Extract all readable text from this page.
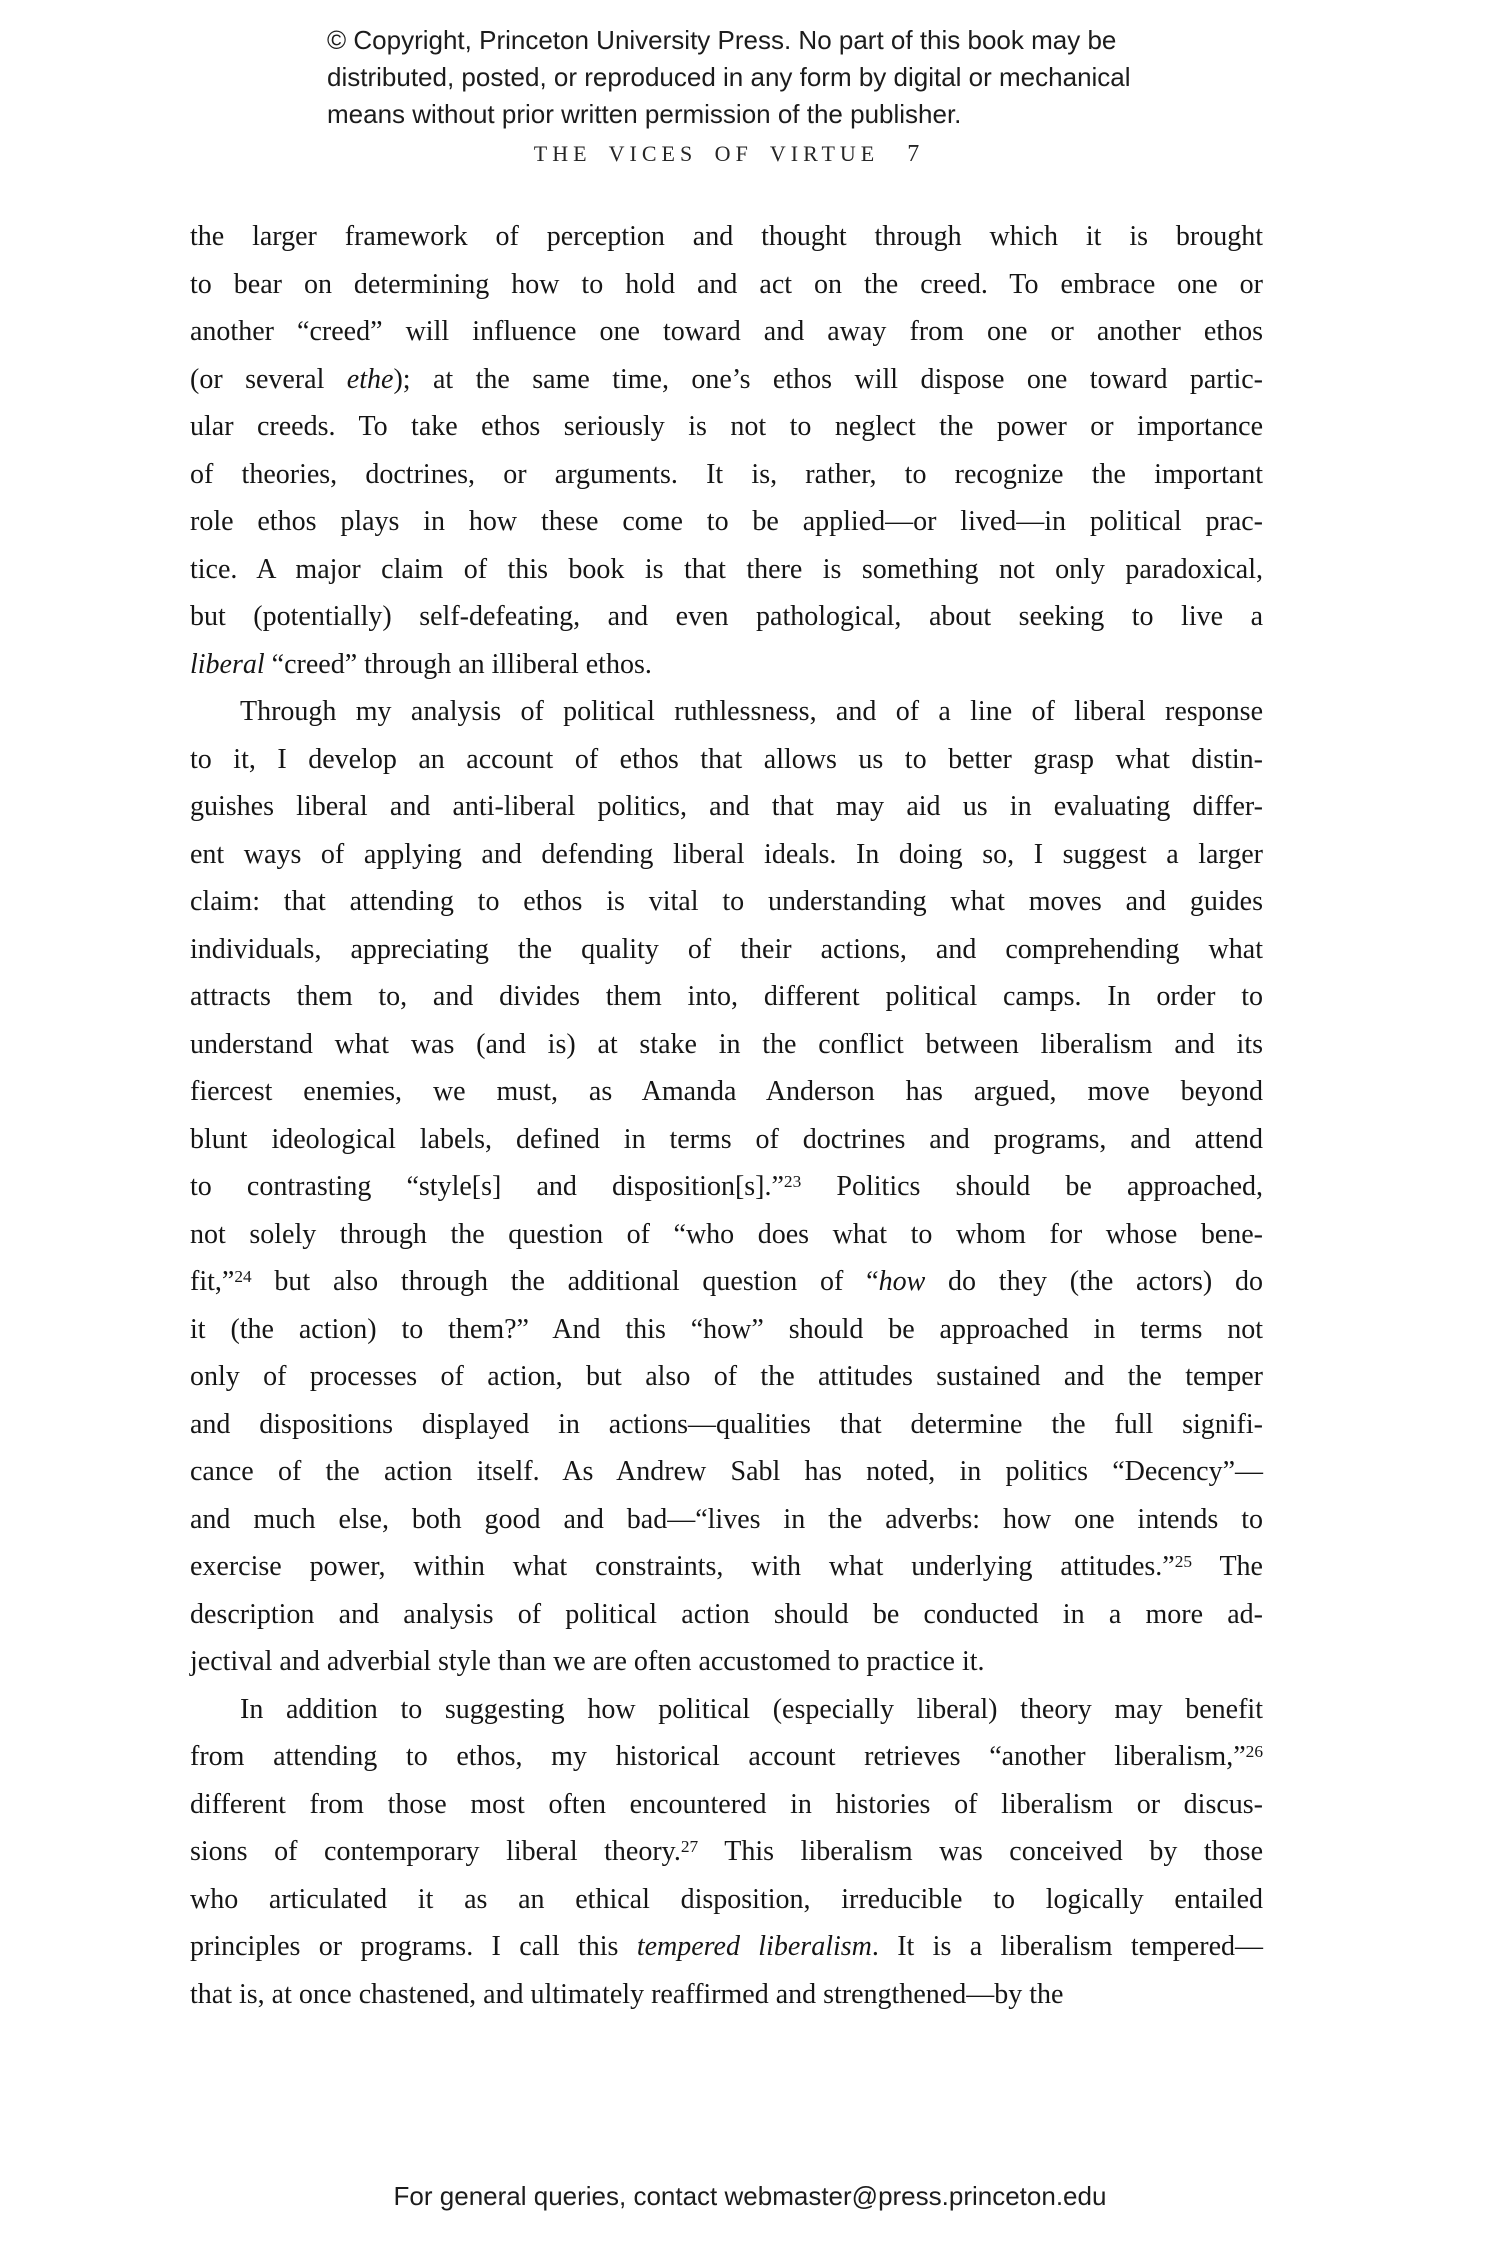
© Copyright, Princeton University Press. No part of this book may be
distributed, posted, or reproduced in any form by digital or mechanical
means without prior written permission of the publisher.
THE VICES OF VIRTUE 7
the larger framework of perception and thought through which it is brought
to bear on determining how to hold and act on the creed. To embrace one or
another “creed” will influence one toward and away from one or another ethos
(or several ethe); at the same time, one’s ethos will dispose one toward partic-
ular creeds. To take ethos seriously is not to neglect the power or importance
of theories, doctrines, or arguments. It is, rather, to recognize the important
role ethos plays in how these come to be applied—or lived—in political prac-
tice. A major claim of this book is that there is something not only paradoxical,
but (potentially) self-defeating, and even pathological, about seeking to live a
liberal “creed” through an illiberal ethos.
Through my analysis of political ruthlessness, and of a line of liberal response
to it, I develop an account of ethos that allows us to better grasp what distin-
guishes liberal and anti-liberal politics, and that may aid us in evaluating differ-
ent ways of applying and defending liberal ideals. In doing so, I suggest a larger
claim: that attending to ethos is vital to understanding what moves and guides
individuals, appreciating the quality of their actions, and comprehending what
attracts them to, and divides them into, different political camps. In order to
understand what was (and is) at stake in the conflict between liberalism and its
fiercest enemies, we must, as Amanda Anderson has argued, move beyond
blunt ideological labels, defined in terms of doctrines and programs, and attend
to contrasting “style[s] and disposition[s].”$^{23}$ Politics should be approached,
not solely through the question of “who does what to whom for whose bene-
fit,”$^{24}$ but also through the additional question of “how do they (the actors) do
it (the action) to them?” And this “how” should be approached in terms not
only of processes of action, but also of the attitudes sustained and the temper
and dispositions displayed in actions—qualities that determine the full signifi-
cance of the action itself. As Andrew Sabl has noted, in politics “Decency”—
and much else, both good and bad—“lives in the adverbs: how one intends to
exercise power, within what constraints, with what underlying attitudes.”$^{25}$ The
description and analysis of political action should be conducted in a more ad-
jectival and adverbial style than we are often accustomed to practice it.
In addition to suggesting how political (especially liberal) theory may benefit
from attending to ethos, my historical account retrieves “another liberalism,”$^{26}$
different from those most often encountered in histories of liberalism or discus-
sions of contemporary liberal theory.$^{27}$ This liberalism was conceived by those
who articulated it as an ethical disposition, irreducible to logically entailed
principles or programs. I call this tempered liberalism. It is a liberalism tempered—
that is, at once chastened, and ultimately reaffirmed and strengthened—by the
For general queries, contact webmaster@press.princeton.edu
